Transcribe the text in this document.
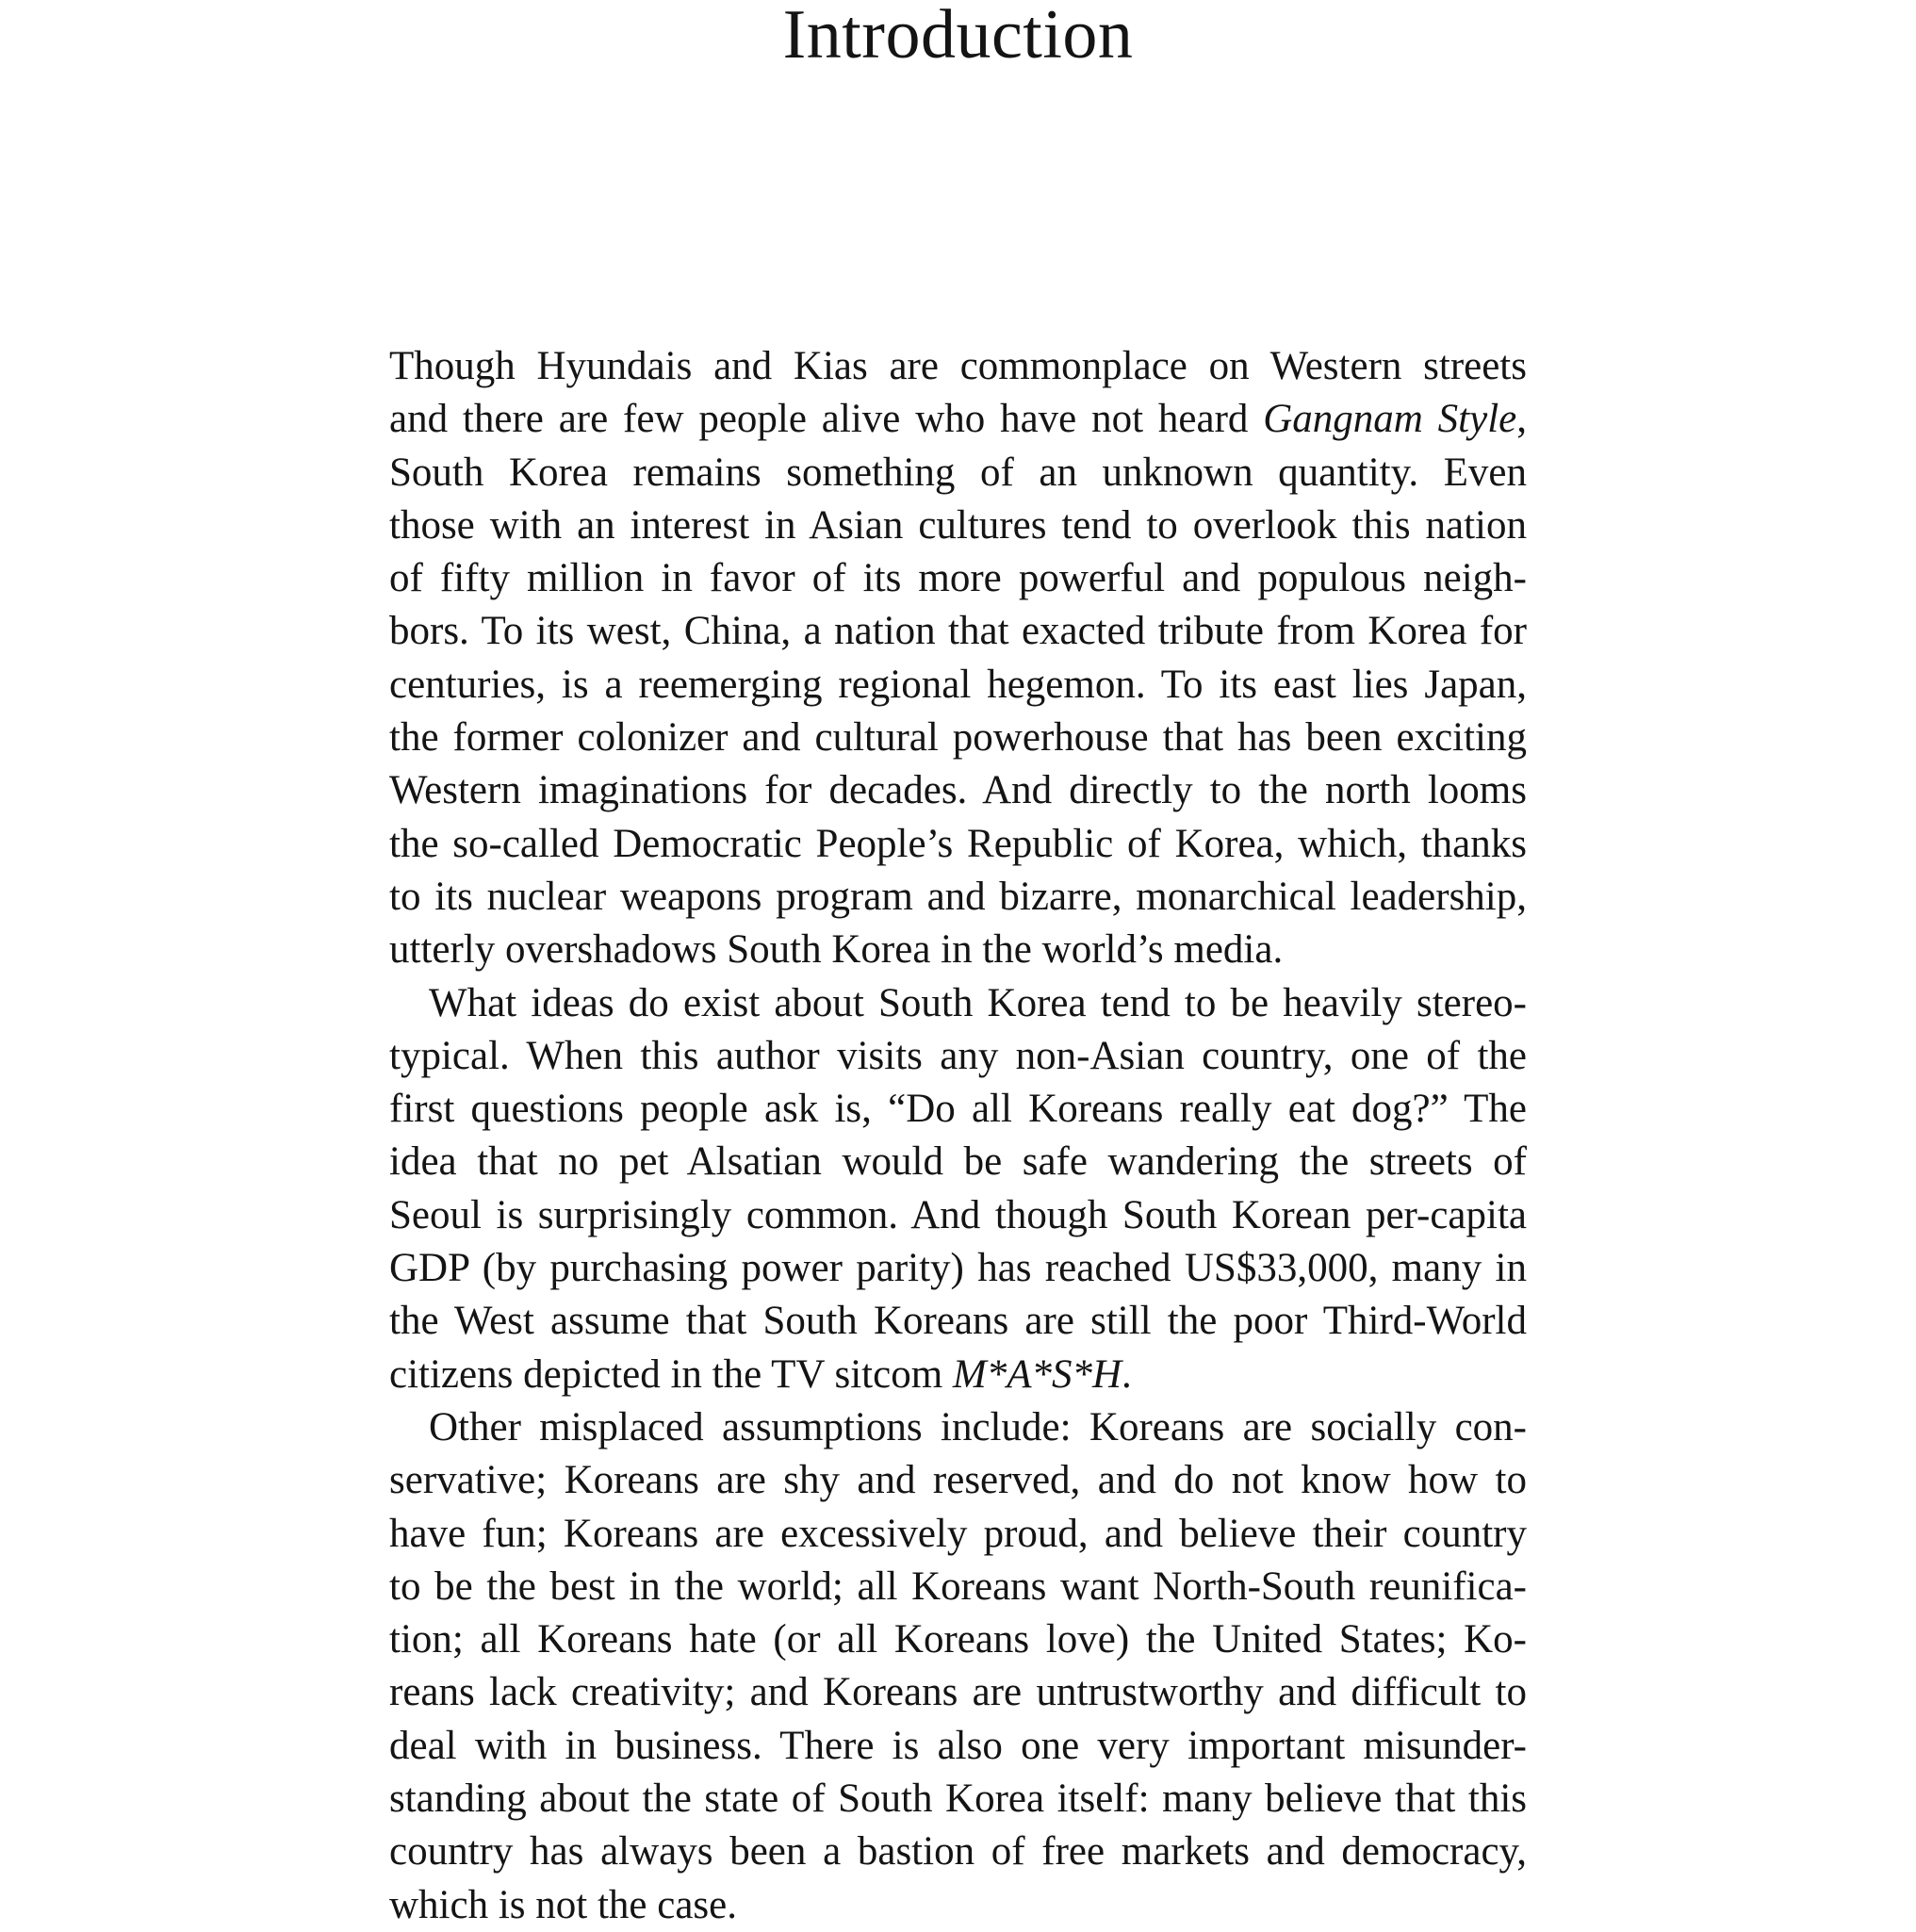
Introduction
Though Hyundais and Kias are commonplace on Western streets
and there are few people alive who have not heard Gangnam Style,
South Korea remains something of an unknown quantity. Even
those with an interest in Asian cultures tend to overlook this nation
of fifty million in favor of its more powerful and populous neigh-
bors. To its west, China, a nation that exacted tribute from Korea for
centuries, is a reemerging regional hegemon. To its east lies Japan,
the former colonizer and cultural powerhouse that has been exciting
Western imaginations for decades. And directly to the north looms
the so-called Democratic People’s Republic of Korea, which, thanks
to its nuclear weapons program and bizarre, monarchical leadership,
utterly overshadows South Korea in the world’s media.
What ideas do exist about South Korea tend to be heavily stereo-
typical. When this author visits any non-Asian country, one of the
first questions people ask is, “Do all Koreans really eat dog?” The
idea that no pet Alsatian would be safe wandering the streets of
Seoul is surprisingly common. And though South Korean per-capita
GDP (by purchasing power parity) has reached US$33,000, many in
the West assume that South Koreans are still the poor Third-World
citizens depicted in the TV sitcom M*A*S*H.
Other misplaced assumptions include: Koreans are socially con-
servative; Koreans are shy and reserved, and do not know how to
have fun; Koreans are excessively proud, and believe their country
to be the best in the world; all Koreans want North-South reunifica-
tion; all Koreans hate (or all Koreans love) the United States; Ko-
reans lack creativity; and Koreans are untrustworthy and difficult to
deal with in business. There is also one very important misunder-
standing about the state of South Korea itself: many believe that this
country has always been a bastion of free markets and democracy,
which is not the case.
